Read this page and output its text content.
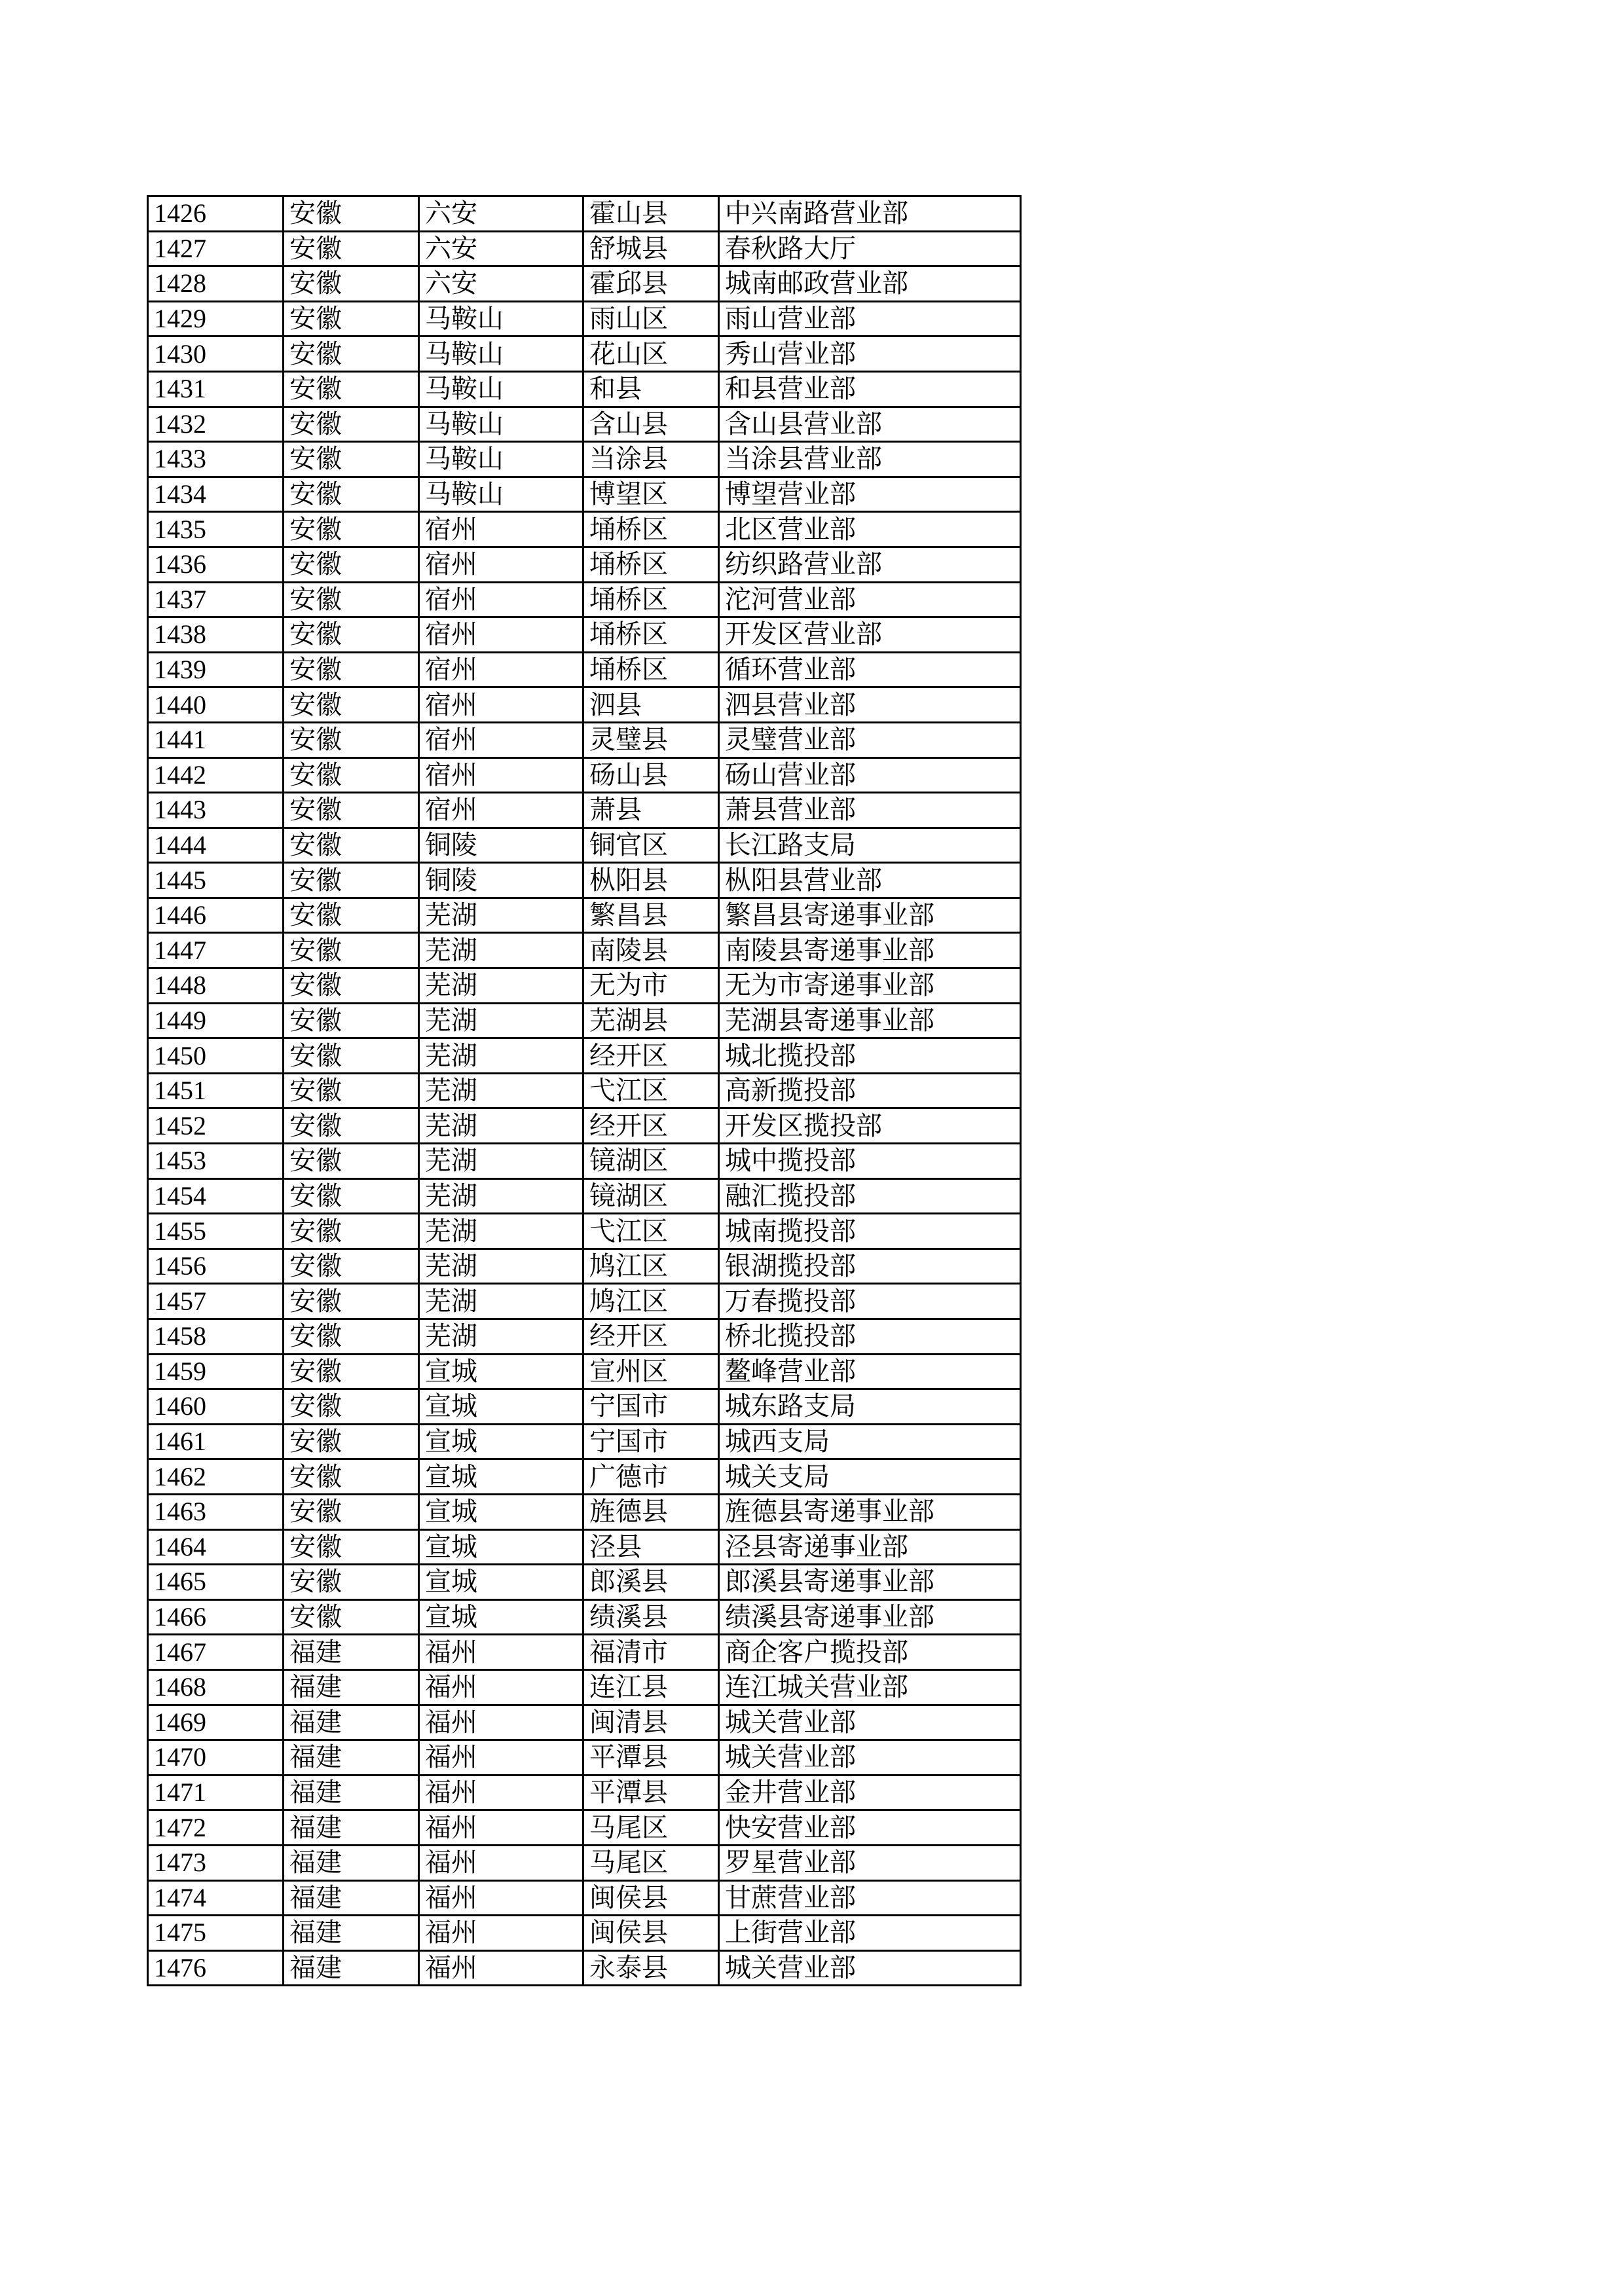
1426	安徽	六安	霍山县	中兴南路营业部
1427	安徽	六安	舒城县	春秋路大厅
1428	安徽	六安	霍邱县	城南邮政营业部
1429	安徽	马鞍山	雨山区	雨山营业部
1430	安徽	马鞍山	花山区	秀山营业部
1431	安徽	马鞍山	和县	和县营业部
1432	安徽	马鞍山	含山县	含山县营业部
1433	安徽	马鞍山	当涂县	当涂县营业部
1434	安徽	马鞍山	博望区	博望营业部
1435	安徽	宿州	埇桥区	北区营业部
1436	安徽	宿州	埇桥区	纺织路营业部
1437	安徽	宿州	埇桥区	沱河营业部
1438	安徽	宿州	埇桥区	开发区营业部
1439	安徽	宿州	埇桥区	循环营业部
1440	安徽	宿州	泗县	泗县营业部
1441	安徽	宿州	灵璧县	灵璧营业部
1442	安徽	宿州	砀山县	砀山营业部
1443	安徽	宿州	萧县	萧县营业部
1444	安徽	铜陵	铜官区	长江路支局
1445	安徽	铜陵	枞阳县	枞阳县营业部
1446	安徽	芜湖	繁昌县	繁昌县寄递事业部
1447	安徽	芜湖	南陵县	南陵县寄递事业部
1448	安徽	芜湖	无为市	无为市寄递事业部
1449	安徽	芜湖	芜湖县	芜湖县寄递事业部
1450	安徽	芜湖	经开区	城北揽投部
1451	安徽	芜湖	弋江区	高新揽投部
1452	安徽	芜湖	经开区	开发区揽投部
1453	安徽	芜湖	镜湖区	城中揽投部
1454	安徽	芜湖	镜湖区	融汇揽投部
1455	安徽	芜湖	弋江区	城南揽投部
1456	安徽	芜湖	鸠江区	银湖揽投部
1457	安徽	芜湖	鸠江区	万春揽投部
1458	安徽	芜湖	经开区	桥北揽投部
1459	安徽	宣城	宣州区	鳌峰营业部
1460	安徽	宣城	宁国市	城东路支局
1461	安徽	宣城	宁国市	城西支局
1462	安徽	宣城	广德市	城关支局
1463	安徽	宣城	旌德县	旌德县寄递事业部
1464	安徽	宣城	泾县	泾县寄递事业部
1465	安徽	宣城	郎溪县	郎溪县寄递事业部
1466	安徽	宣城	绩溪县	绩溪县寄递事业部
1467	福建	福州	福清市	商企客户揽投部
1468	福建	福州	连江县	连江城关营业部
1469	福建	福州	闽清县	城关营业部
1470	福建	福州	平潭县	城关营业部
1471	福建	福州	平潭县	金井营业部
1472	福建	福州	马尾区	快安营业部
1473	福建	福州	马尾区	罗星营业部
1474	福建	福州	闽侯县	甘蔗营业部
1475	福建	福州	闽侯县	上街营业部
1476	福建	福州	永泰县	城关营业部
